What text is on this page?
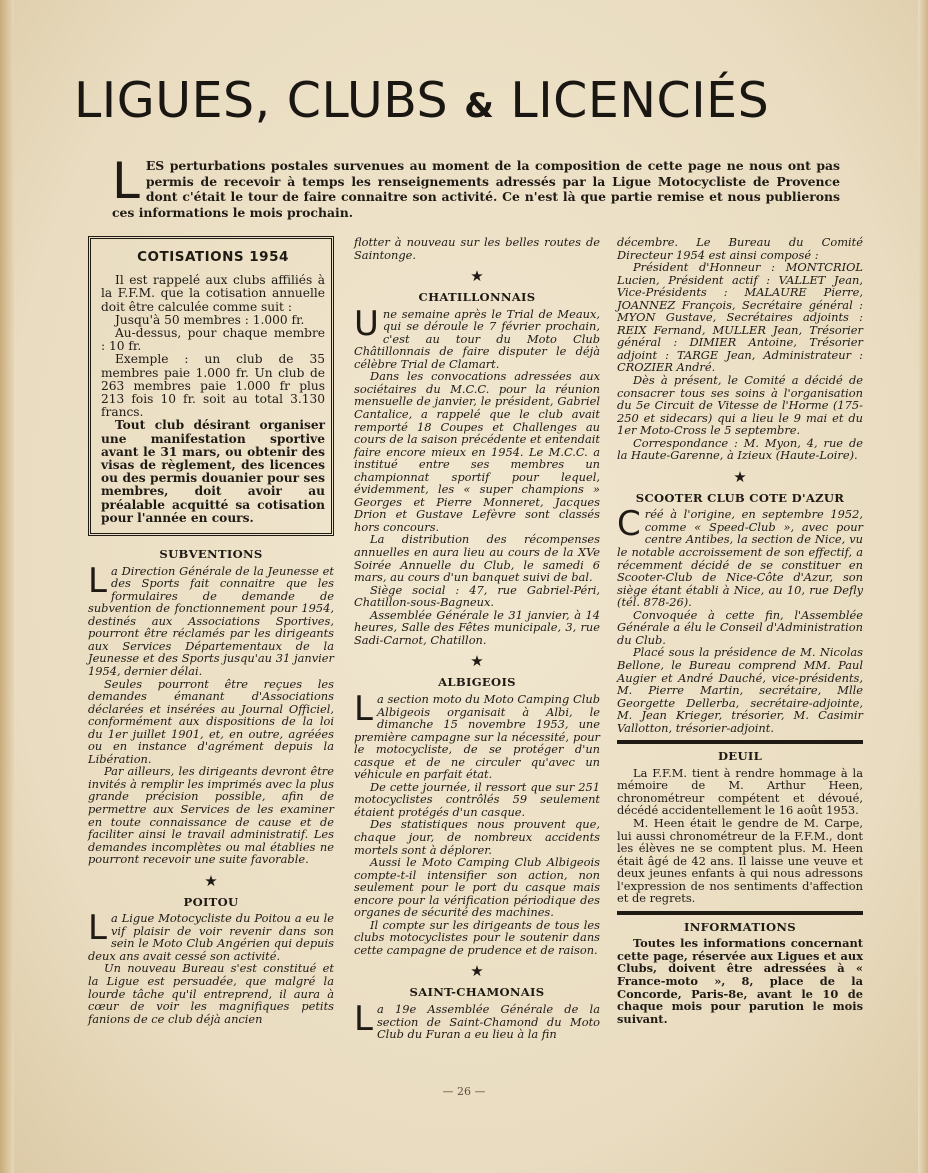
LIGUES, CLUBS & LICENCIÉS
L ES perturbations postales survenues au moment de la composition de cette page ne nous ont pas permis de recevoir à temps les renseignements adressés par la Ligue Motocycliste de Provence dont c'était le tour de faire connaitre son activité. Ce n'est là que partie remise et nous publierons ces informations le mois prochain.
COTISATIONS 1954

Il est rappelé aux clubs affiliés à la F.F.M. que la cotisation annuelle doit être calculée comme suit :

Jusqu'à 50 membres : 1.000 fr.

Au-dessus, pour chaque membre : 10 fr.

Exemple : un club de 35 membres paie 1.000 fr. Un club de 263 membres paie 1.000 fr plus 213 fois 10 fr. soit au total 3.130 francs.

Tout club désirant organiser une manifestation sportive avant le 31 mars, ou obtenir des visas de règlement, des licences ou des permis douanier pour ses membres, doit avoir au préalable acquitté sa cotisation pour l'année en cours.

SUBVENTIONS

La Direction Générale de la Jeunesse et des Sports fait connaitre que les formulaires de demande de subvention de fonctionnement pour 1954, destinés aux Associations Sportives, pourront être réclamés par les dirigeants aux Services Départementaux de la Jeunesse et des Sports jusqu'au 31 janvier 1954, dernier délai.

Seules pourront être reçues les demandes émanant d'Associations déclarées et insérées au Journal Officiel, conformément aux dispositions de la loi du 1er juillet 1901, et, en outre, agréées ou en instance d'agrément depuis la Libération.

Par ailleurs, les dirigeants devront être invités à remplir les imprimés avec la plus grande précision possible, afin de permettre aux Services de les examiner en toute connaissance de cause et de faciliter ainsi le travail administratif. Les demandes incomplètes ou mal établies ne pourront recevoir une suite favorable.

★
POITOU

La Ligue Motocycliste du Poitou a eu le vif plaisir de voir revenir dans son sein le Moto Club Angérien qui depuis deux ans avait cessé son activité.

Un nouveau Bureau s'est constitué et la Ligue est persuadée, que malgré la lourde tâche qu'il entreprend, il aura à cœur de voir les magnifiques petits fanions de ce club déjà ancien

flotter à nouveau sur les belles routes de Saintonge.

★
CHATILLONNAIS

Une semaine après le Trial de Meaux, qui se déroule le 7 février prochain, c'est au tour du Moto Club Châtillonnais de faire disputer le déjà célèbre Trial de Clamart.

Dans les convocations adressées aux sociétaires du M.C.C. pour la réunion mensuelle de janvier, le président, Gabriel Cantalice, a rappelé que le club avait remporté 18 Coupes et Challenges au cours de la saison précédente et entendait faire encore mieux en 1954. Le M.C.C. a institué entre ses membres un championnat sportif pour lequel, évidemment, les « super champions » Georges et Pierre Monneret, Jacques Drion et Gustave Lefèvre sont classés hors concours.

La distribution des récompenses annuelles en aura lieu au cours de la XVe Soirée Annuelle du Club, le samedi 6 mars, au cours d'un banquet suivi de bal.

Siège social : 47, rue Gabriel-Péri, Chatillon-sous-Bagneux.

Assemblée Générale le 31 janvier, à 14 heures, Salle des Fêtes municipale, 3, rue Sadi-Carnot, Chatillon.

★
ALBIGEOIS

La section moto du Moto Camping Club Albigeois organisait à Albi, le dimanche 15 novembre 1953, une première campagne sur la nécessité, pour le motocycliste, de se protéger d'un casque et de ne circuler qu'avec un véhicule en parfait état.

De cette journée, il ressort que sur 251 motocyclistes contrôlés 59 seulement étaient protégés d'un casque.

Des statistiques nous prouvent que, chaque jour, de nombreux accidents mortels sont à déplorer.

Aussi le Moto Camping Club Albigeois compte-t-il intensifier son action, non seulement pour le port du casque mais encore pour la vérification périodique des organes de sécurité des machines.

Il compte sur les dirigeants de tous les clubs motocyclistes pour le soutenir dans cette campagne de prudence et de raison.

★
SAINT-CHAMONAIS

La 19e Assemblée Générale de la section de Saint-Chamond du Moto Club du Furan a eu lieu à la fin

décembre. Le Bureau du Comité Directeur 1954 est ainsi composé :

Président d'Honneur : MONTCRIOL Lucien, Président actif : VALLET Jean, Vice-Présidents : MALAURE Pierre, JOANNEZ François, Secrétaire général : MYON Gustave, Secrétaires adjoints : REIX Fernand, MULLER Jean, Trésorier général : DIMIER Antoine, Trésorier adjoint : TARGE Jean, Administrateur : CROZIER André.

Dès à présent, le Comité a décidé de consacrer tous ses soins à l'organisation du 5e Circuit de Vitesse de l'Horme (175-250 et sidecars) qui a lieu le 9 mai et du 1er Moto-Cross le 5 septembre.

Correspondance : M. Myon, 4, rue de la Haute-Garenne, à Izieux (Haute-Loire).

★
SCOOTER CLUB COTE D'AZUR

Créé à l'origine, en septembre 1952, comme « Speed-Club », avec pour centre Antibes, la section de Nice, vu le notable accroissement de son effectif, a récemment décidé de se constituer en Scooter-Club de Nice-Côte d'Azur, son siège étant établi à Nice, au 10, rue Defly (tél. 878-26).

Convoquée à cette fin, l'Assemblée Générale a élu le Conseil d'Administration du Club.

Placé sous la présidence de M. Nicolas Bellone, le Bureau comprend MM. Paul Augier et André Dauché, vice-présidents, M. Pierre Martin, secrétaire, Mlle Georgette Dellerba, secrétaire-adjointe, M. Jean Krieger, trésorier, M. Casimir Vallotton, trésorier-adjoint.

DEUIL

La F.F.M. tient à rendre hommage à la mémoire de M. Arthur Heen, chronométreur compétent et dévoué, décédé accidentellement le 16 août 1953.

M. Heen était le gendre de M. Carpe, lui aussi chronométreur de la F.F.M., dont les élèves ne se comptent plus. M. Heen était âgé de 42 ans. Il laisse une veuve et deux jeunes enfants à qui nous adressons l'expression de nos sentiments d'affection et de regrets.

INFORMATIONS

Toutes les informations concernant cette page, réservée aux Ligues et aux Clubs, doivent être adressées à « France-moto », 8, place de la Concorde, Paris-8e, avant le 10 de chaque mois pour parution le mois suivant.

— 26 —
